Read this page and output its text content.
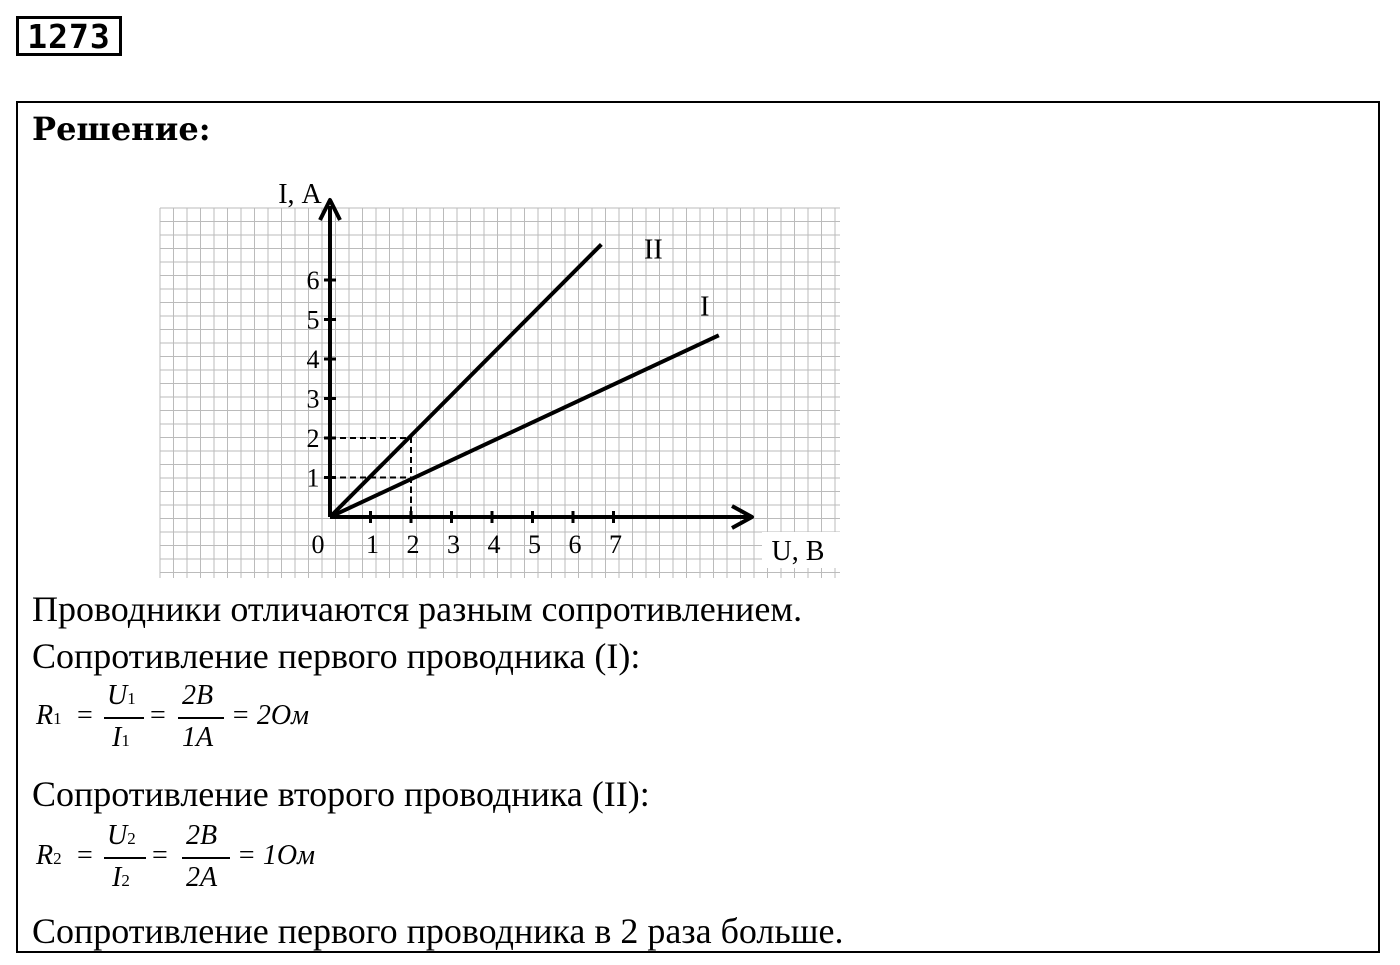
1273
Решение:
1 2 3 4 5 6 7
1
2
3
4
5
6
0
I, А
U, В
I
II
Проводники отличаются разным сопротивлением.
Сопротивление первого проводника (I):
R1 =
U1
I1
=
2В
1А
= 2Ом
Сопротивление второго проводника (II):
R2 =
U2
I2
=
2В
2А
= 1Ом
Сопротивление первого проводника в 2 раза больше.
